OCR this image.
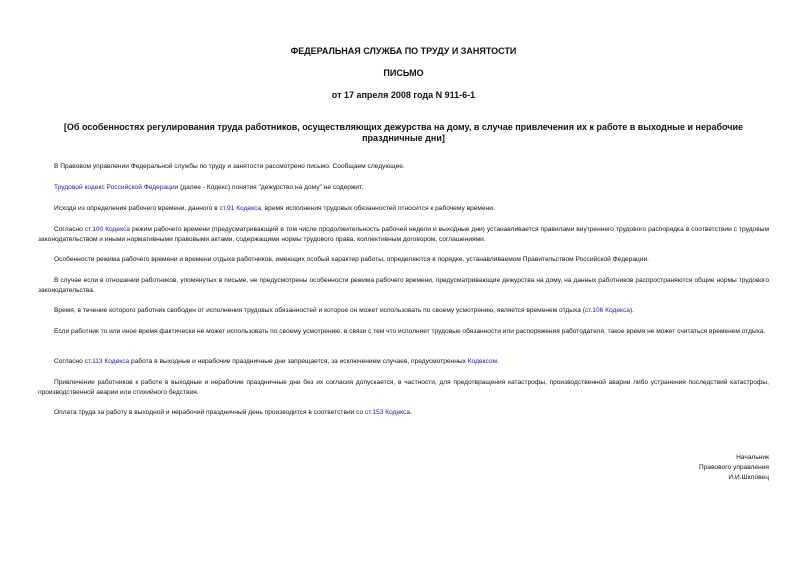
ФЕДЕРАЛЬНАЯ СЛУЖБА ПО ТРУДУ И ЗАНЯТОСТИ
ПИСЬМО
от 17 апреля 2008 года N 911-6-1
[Об особенностях регулирования труда работников, осуществляющих дежурства на дому, в случае привлечения их к работе в выходные и нерабочие праздничные дни]

В Правовом управлении Федеральной службы по труду и занятости рассмотрено письмо. Сообщаем следующее.

Трудовой кодекс Российской Федерации (далее - Кодекс) понятия "дежурство на дому" не содержит.

Исходя из определения рабочего времени, данного в ст.91 Кодекса, время исполнения трудовых обязанностей относится к рабочему времени.

Согласно ст.100 Кодекса режим рабочего времени (предусматривающий в том числе продолжительность рабочей недели и выходные дни) устанавливается правилами внутреннего трудового распорядка в соответствии с трудовым законодательством и иными нормативными правовыми актами, содержащими нормы трудового права, коллективным договором, соглашениями.

Особенности режима рабочего времени и времени отдыха работников, имеющих особый характер работы, определяются в порядке, устанавливаемом Правительством Российской Федерации.

В случае если в отношении работников, упомянутых в письме, не предусмотрены особенности режима рабочего времени, предусматривающие дежурства на дому, на данных работников распространяются общие нормы трудового законодательства.

Время, в течение которого работник свободен от исполнения трудовых обязанностей и которое он может использовать по своему усмотрению, является временем отдыха (ст.106 Кодекса).

Если работник то или иное время фактически не может использовать по своему усмотрению, в связи с тем что исполняет трудовые обязанности или распоряжения работодателя, такое время не может считаться временем отдыха.

Согласно ст.113 Кодекса работа в выходные и нерабочие праздничные дни запрещается, за исключением случаев, предусмотренных Кодексом.

Привлечение работников к работе в выходные и нерабочие праздничные дни без их согласия допускается, в частности, для предотвращения катастрофы, производственной аварии либо устранения последствий катастрофы, производственной аварии или стихийного бедствия.

Оплата труда за работу в выходной и нерабочий праздничный день производится в соответствии со ст.153 Кодекса.

Начальник
Правового управления
И.И.Шкловец
